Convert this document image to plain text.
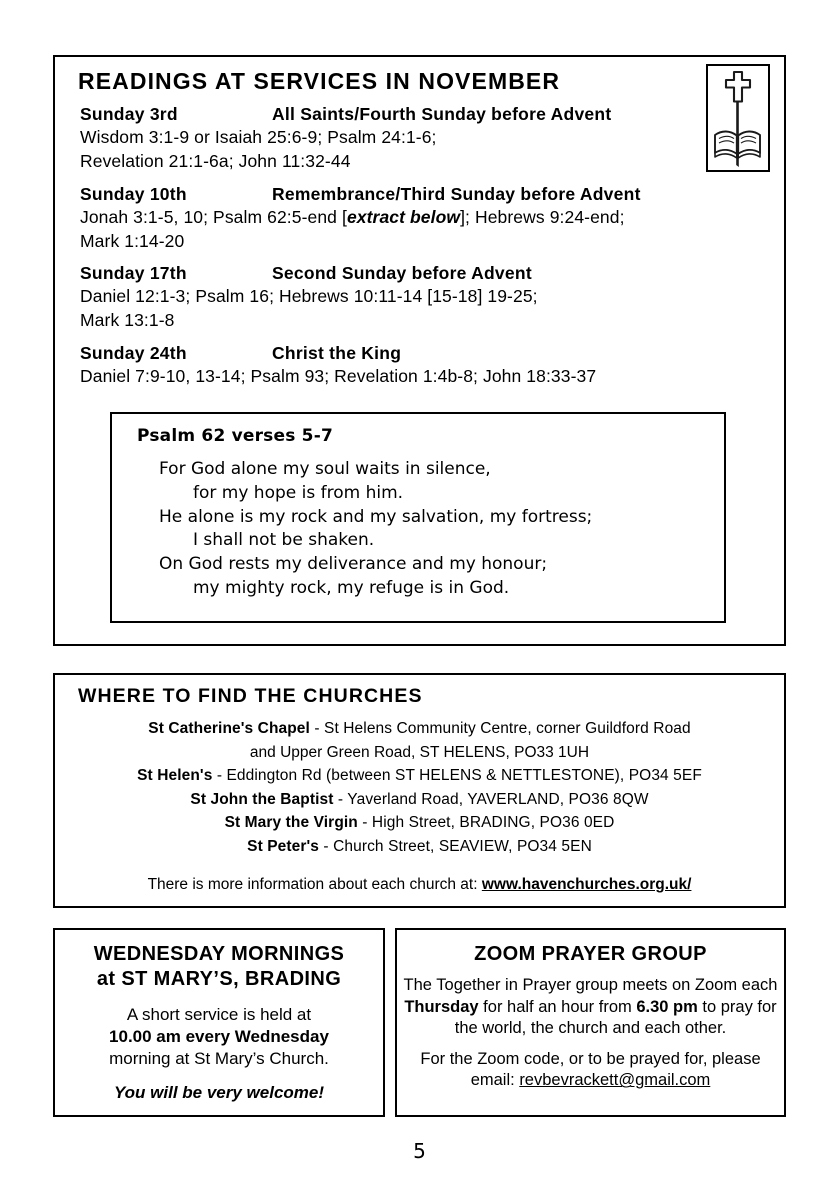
READINGS AT SERVICES IN NOVEMBER
Sunday 3rd	All Saints/Fourth Sunday before Advent
Wisdom 3:1-9 or Isaiah 25:6-9; Psalm 24:1-6;
Revelation 21:1-6a; John 11:32-44
Sunday 10th	Remembrance/Third Sunday before Advent
Jonah 3:1-5, 10; Psalm 62:5-end [extract below]; Hebrews 9:24-end;
Mark 1:14-20
Sunday 17th	Second Sunday before Advent
Daniel 12:1-3; Psalm 16; Hebrews 10:11-14 [15-18] 19-25;
Mark 13:1-8
Sunday 24th	Christ the King
Daniel 7:9-10, 13-14; Psalm 93; Revelation 1:4b-8; John 18:33-37
Psalm 62 verses 5-7
For God alone my soul waits in silence,
for my hope is from him.
He alone is my rock and my salvation, my fortress;
I shall not be shaken.
On God rests my deliverance and my honour;
my mighty rock, my refuge is in God.
WHERE TO FIND THE CHURCHES
St Catherine's Chapel - St Helens Community Centre, corner Guildford Road
and Upper Green Road, ST HELENS, PO33 1UH
St Helen's - Eddington Rd (between ST HELENS & NETTLESTONE), PO34 5EF
St John the Baptist - Yaverland Road, YAVERLAND, PO36 8QW
St Mary the Virgin - High Street, BRADING, PO36 0ED
St Peter's - Church Street, SEAVIEW, PO34 5EN
There is more information about each church at: www.havenchurches.org.uk/
WEDNESDAY MORNINGS
at ST MARY’S, BRADING
A short service is held at
10.00 am every Wednesday
morning at St Mary’s Church.
You will be very welcome!
ZOOM PRAYER GROUP
The Together in Prayer group meets on Zoom each Thursday for half an hour from 6.30 pm to pray for the world, the church and each other.
For the Zoom code, or to be prayed for, please email: revbevrackett@gmail.com
5
